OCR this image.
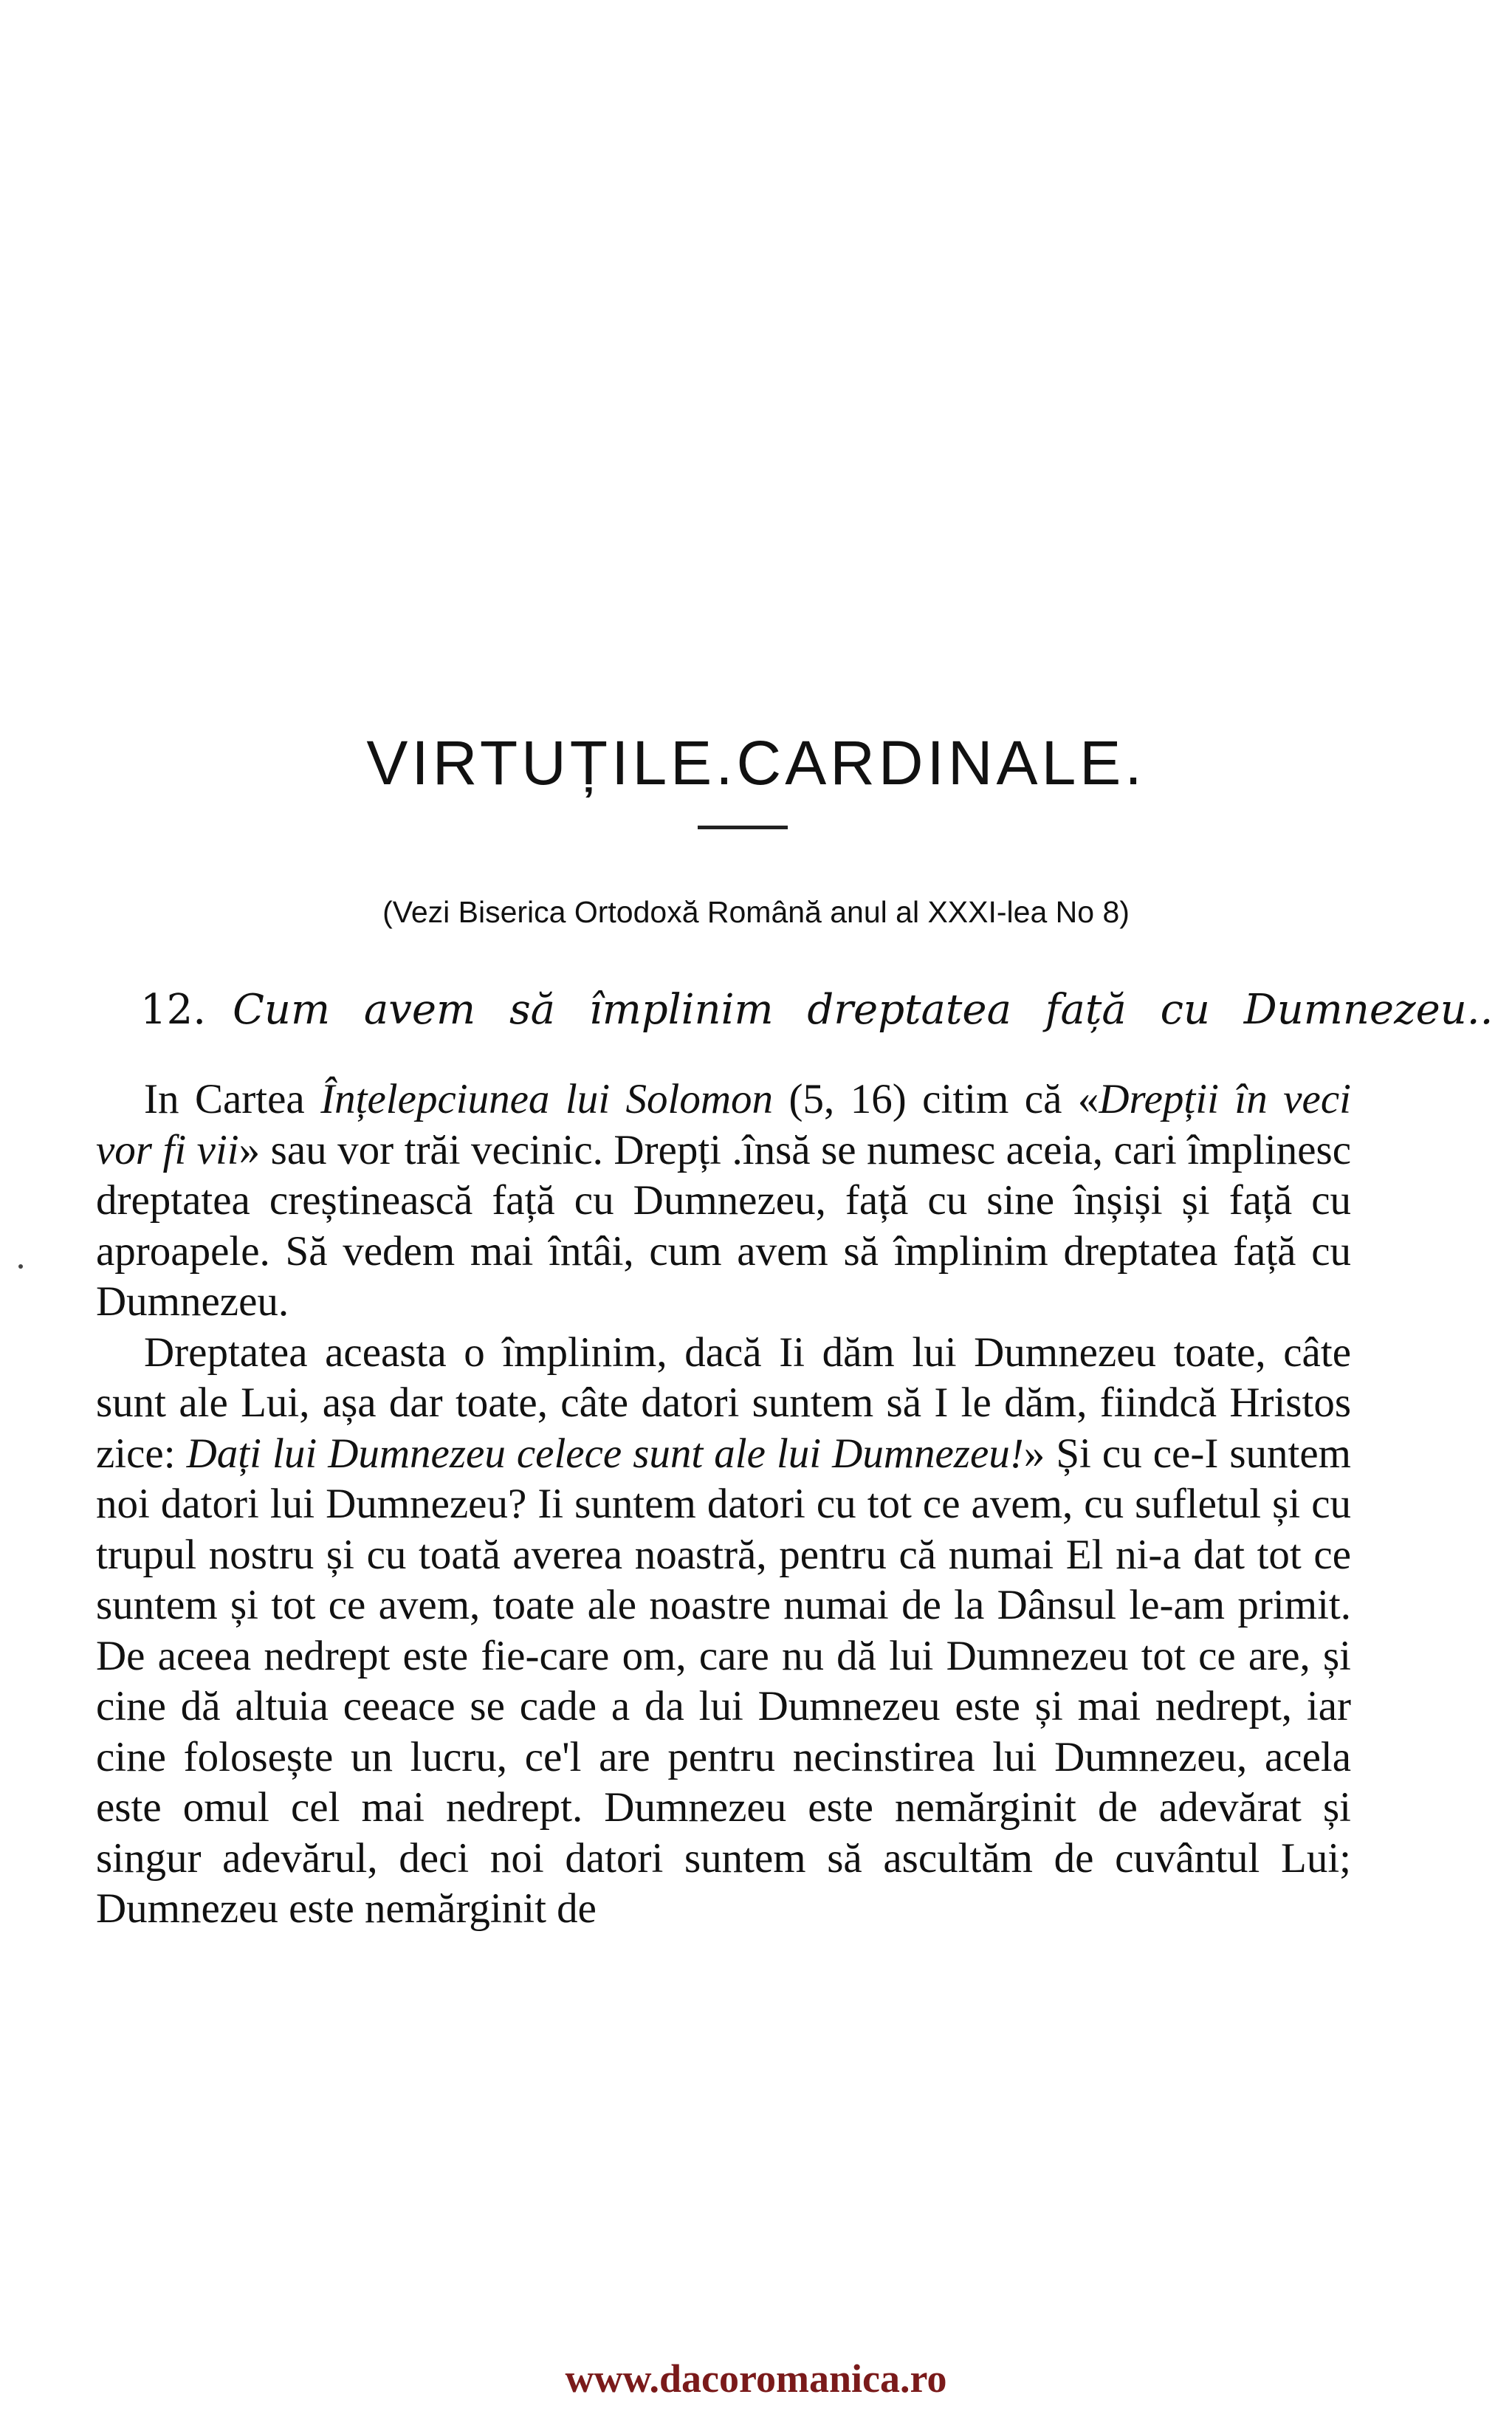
VIRTUȚILE.CARDINALE.
(Vezi Biserica Ortodoxă Română anul al XXXI-lea No 8)
12. Cum avem să împlinim dreptatea față cu Dumnezeu..

In Cartea Înțelepciunea lui Solomon (5, 16) citim că «Drepții în veci vor fi vii» sau vor trăi vecinic. Drepți .însă se numesc aceia, cari împlinesc dreptatea creștinească față cu Dumnezeu, față cu sine înșiși și față cu aproapele. Să vedem mai întâi, cum avem să împlinim dreptatea față cu Dumnezeu.

Dreptatea aceasta o împlinim, dacă Ii dăm lui Dumnezeu toate, câte sunt ale Lui, așa dar toate, câte datori suntem să I le dăm, fiindcă Hristos zice: Dați lui Dumnezeu celece sunt ale lui Dumnezeu!» Și cu ce-I suntem noi datori lui Dumnezeu? Ii suntem datori cu tot ce avem, cu sufletul și cu trupul nostru și cu toată averea noastră, pentru că numai El ni-a dat tot ce suntem și tot ce avem, toate ale noastre numai de la Dânsul le-am primit. De aceea nedrept este fie-care om, care nu dă lui Dumnezeu tot ce are, și cine dă altuia ceeace se cade a da lui Dumnezeu este și mai nedrept, iar cine folosește un lucru, ce'l are pentru necinstirea lui Dumnezeu, acela este omul cel mai nedrept. Dumnezeu este nemărginit de adevărat și singur adevărul, deci noi datori suntem să ascultăm de cuvântul Lui; Dumnezeu este nemărginit de

www.dacoromanica.ro
